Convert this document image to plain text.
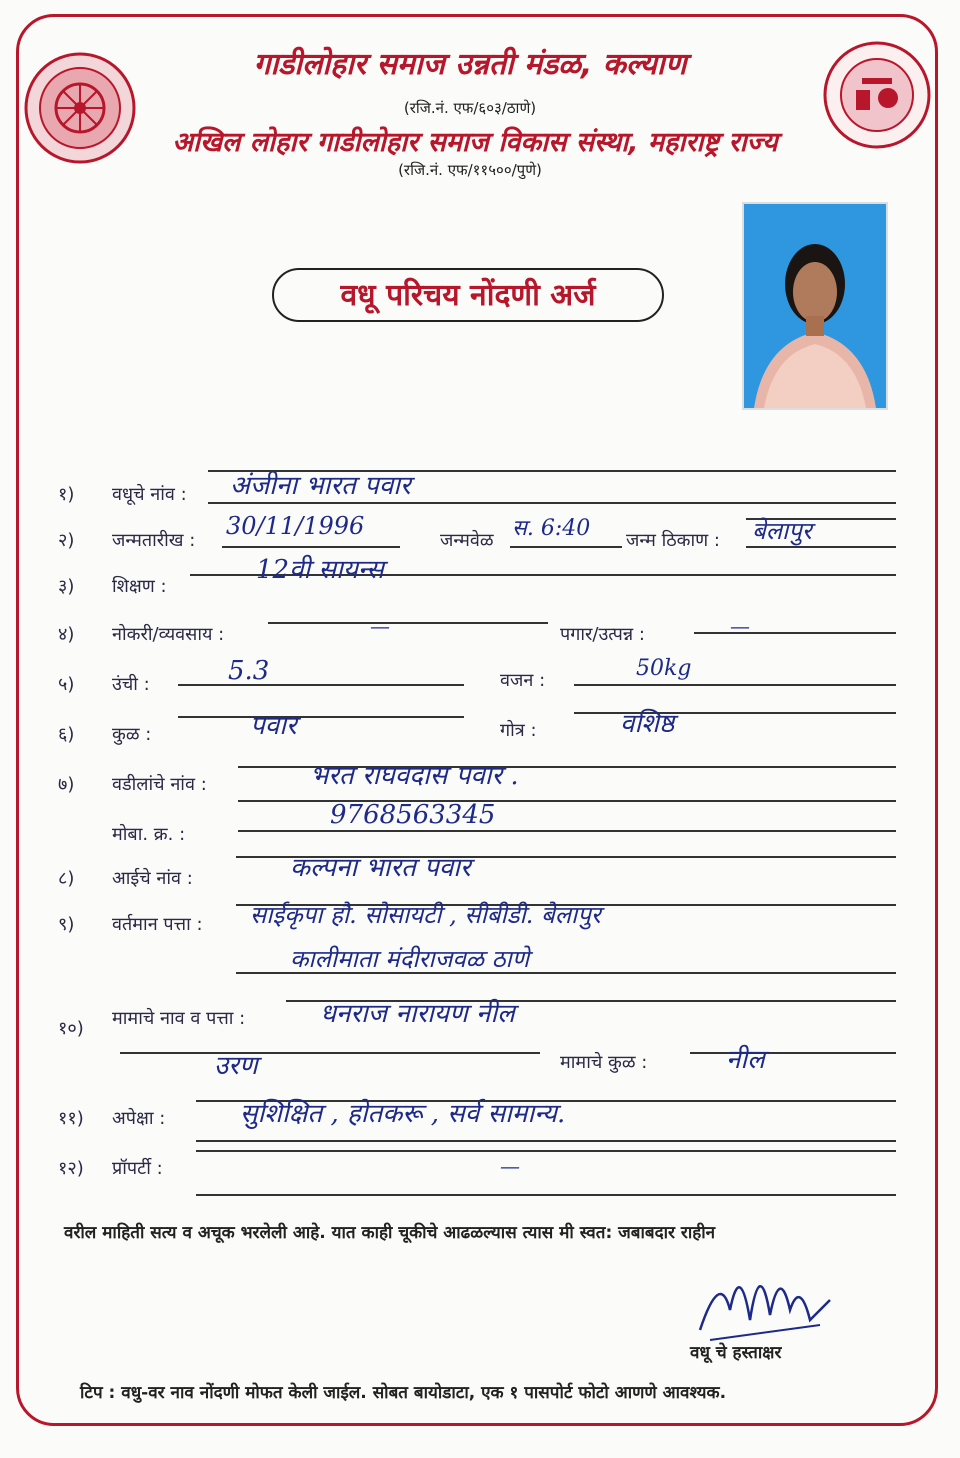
गाडीलोहार समाज उन्नती मंडळ, कल्याण
(रजि.नं. एफ/६०३/ठाणे)
अखिल लोहार गाडीलोहार समाज विकास संस्था, महाराष्ट्र राज्य
(रजि.नं. एफ/११५००/पुणे)
वधू परिचय नोंदणी अर्ज
१) वधूचे नांव : अंजीना भारत पवार
२) जन्मतारीख :
30/11/1996
जन्मवेळ स. 6:40 जन्म ठिकाण : बेलापुर
३) शिक्षण :
12वी सायन्स
४) नोकरी/व्यवसाय :	—	पगार/उत्पन्न :	—
५) उंची :	5.3	वजन :	50kg
६) कुळ :	पवार	गोत्र :	वशिष्ठ
७) वडीलांचे नांव :	भरत राघवदास पवार .
मोबा. क्र. :
9768563345
८) आईचे नांव :	कल्पना भारत पवार
९) वर्तमान पत्ता : साईकृपा हौ. सोसायटी , सीबीडी. बेलापुर
कालीमाता मंदीराजवळ ठाणे
१०) मामाचे नाव व पत्ता :	धनराज नारायण नील
उरण	मामाचे कुळ :	नील
११) अपेक्षा :	सुशिक्षित , होतकरू , सर्व सामान्य.
१२) प्रॉपर्टी :	—
वरील माहिती सत्य व अचूक भरलेली आहे. यात काही चूकीचे आढळल्यास त्यास मी स्वत: जबाबदार राहीन
वधू चे हस्ताक्षर
टिप : वधु-वर नाव नोंदणी मोफत केली जाईल. सोबत बायोडाटा, एक १ पासपोर्ट फोटो आणणे आवश्यक.
